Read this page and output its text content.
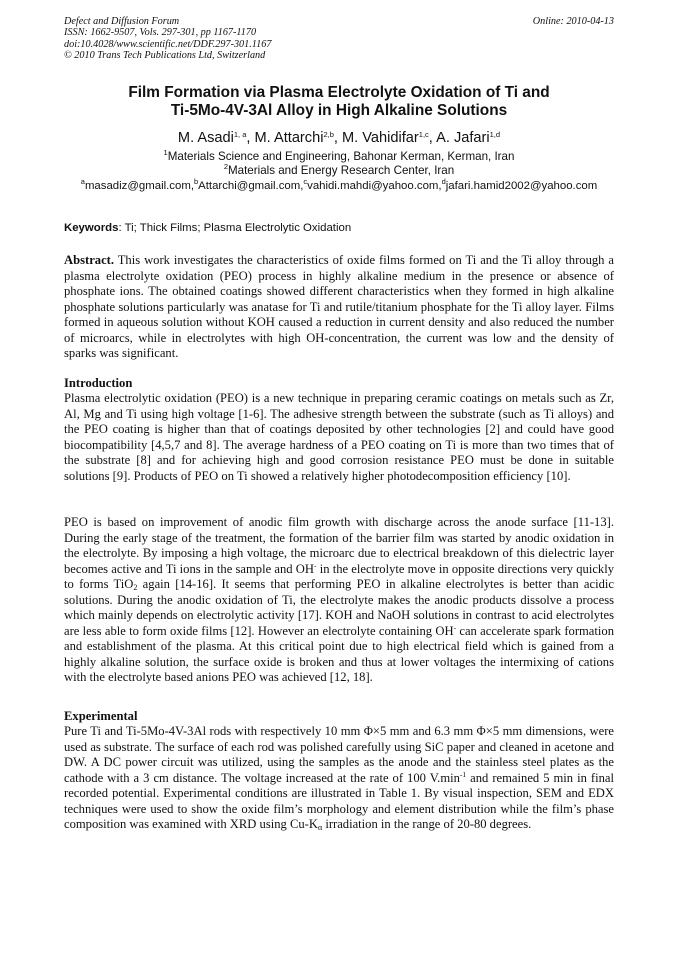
Defect and Diffusion Forum
ISSN: 1662-9507, Vols. 297-301, pp 1167-1170
doi:10.4028/www.scientific.net/DDF.297-301.1167
© 2010 Trans Tech Publications Ltd, Switzerland
Online: 2010-04-13
Film Formation via Plasma Electrolyte Oxidation of Ti and
Ti-5Mo-4V-3Al Alloy in High Alkaline Solutions
M. Asadi$^{1, a}$, M. Attarchi$^{2,b}$, M. Vahidifar$^{1,c}$, A. Jafari$^{1,d}$
$^1$Materials Science and Engineering, Bahonar Kerman, Kerman, Iran
$^2$Materials and Energy Research Center, Iran
$^a$masadiz@gmail.com,$^b$Attarchi@gmail.com,$^c$vahidi.mahdi@yahoo.com,$^d$jafari.hamid2002@yahoo.com
Keywords: Ti; Thick Films; Plasma Electrolytic Oxidation
Abstract. This work investigates the characteristics of oxide films formed on Ti and the Ti alloy through a plasma electrolyte oxidation (PEO) process in highly alkaline medium in the presence or absence of phosphate ions. The obtained coatings showed different characteristics when they formed in high alkaline phosphate solutions particularly was anatase for Ti and rutile/titanium phosphate for the Ti alloy layer. Films formed in aqueous solution without KOH caused a reduction in current density and also reduced the number of microarcs, while in electrolytes with high OH-concentration, the current was low and the density of sparks was significant.
Introduction
Plasma electrolytic oxidation (PEO) is a new technique in preparing ceramic coatings on metals such as Zr, Al, Mg and Ti using high voltage [1-6]. The adhesive strength between the substrate (such as Ti alloys) and the PEO coating is higher than that of coatings deposited by other technologies [2] and could have good biocompatibility [4,5,7 and 8]. The average hardness of a PEO coating on Ti is more than two times that of the substrate [8] and for achieving high and good corrosion resistance PEO must be done in suitable solutions [9]. Products of PEO on Ti showed a relatively higher photodecomposition efficiency [10].
PEO is based on improvement of anodic film growth with discharge across the anode surface [11-13]. During the early stage of the treatment, the formation of the barrier film was started by anodic oxidation in the electrolyte. By imposing a high voltage, the microarc due to electrical breakdown of this dielectric layer becomes active and Ti ions in the sample and OH- in the electrolyte move in opposite directions very quickly to forms TiO$_2$ again [14-16]. It seems that performing PEO in alkaline electrolytes is better than acidic solutions. During the anodic oxidation of Ti, the electrolyte makes the anodic products dissolve a process which mainly depends on electrolytic activity [17]. KOH and NaOH solutions in contrast to acid electrolytes are less able to form oxide films [12]. However an electrolyte containing OH- can accelerate spark formation and establishment of the plasma. At this critical point due to high electrical field which is gained from a highly alkaline solution, the surface oxide is broken and thus at lower voltages the intermixing of cations with the electrolyte based anions PEO was achieved [12, 18].
Experimental
Pure Ti and Ti-5Mo-4V-3Al rods with respectively 10 mm Φ×5 mm and 6.3 mm Φ×5 mm dimensions, were used as substrate. The surface of each rod was polished carefully using SiC paper and cleaned in acetone and DW. A DC power circuit was utilized, using the samples as the anode and the stainless steel plates as the cathode with a 3 cm distance. The voltage increased at the rate of 100 $V.\min^{-1}$ and remained 5 min in final recorded potential. Experimental conditions are illustrated in Table 1. By visual inspection, SEM and EDX techniques were used to show the oxide film’s morphology and element distribution while the film’s phase composition was examined with XRD using $Cu-K_\alpha$ irradiation in the range of 20-80 degrees.
